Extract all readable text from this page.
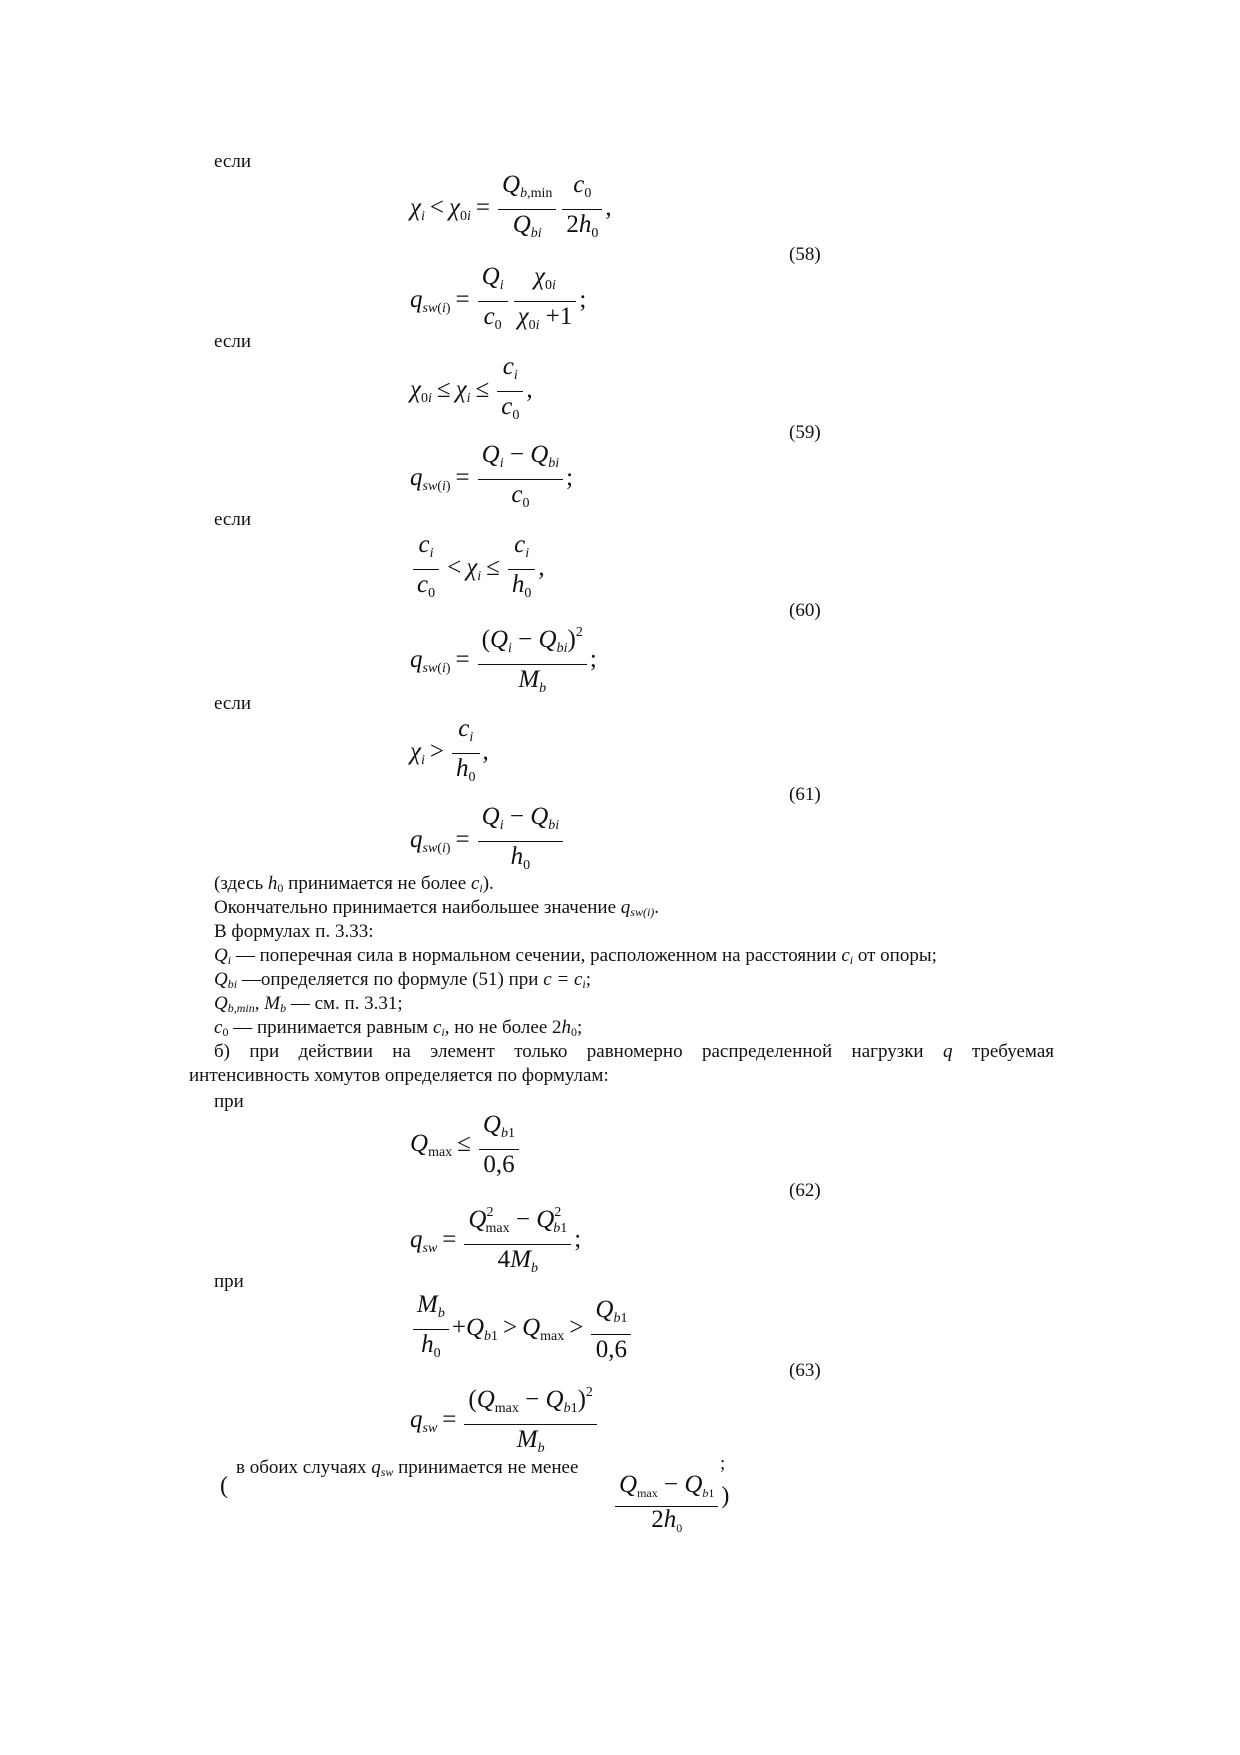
если
$\chi_i < \chi_{0i} = \frac{Q_{b,min}}{Q_{bi}} \frac{c_0}{2h_0}$ ,
(58)
$q_{sw(i)} = \frac{Q_i}{c_0} \frac{\chi_{0i}}{\chi_{0i} +1}$ ;
если
$\chi_{0i} \le \chi_i \le \frac{c_i}{c_0}$ ,
(59)
$q_{sw(i)} = \frac{Q_i - Q_{bi}}{c_0}$ ;
если
$\frac{c_i}{c_0} < \chi_i \le \frac{c_i}{h_0}$ ,
(60)
$q_{sw(i)} = \frac{(Q_i - Q_{bi})^2}{M_b}$ ;
если
$\chi_i > \frac{c_i}{h_0}$ ,
(61)
$q_{sw(i)} = \frac{Q_i - Q_{bi}}{h_0}$
(здесь h0 принимается не более ci).
Окончательно принимается наибольшее значение qsw(i).
В формулах п. 3.33:
Qi — поперечная сила в нормальном сечении, расположенном на расстоянии ci от опоры;
Qbi —определяется по формуле (51) при c = ci;
Qb,min, Mb — см. п. 3.31;
c0 — принимается равным ci, но не более 2h0;
б) при действии на элемент только равномерно распределенной нагрузки q требуемая
интенсивность хомутов определяется по формулам:
при
$Q_{max} \le \frac{Q_{b1}}{0,6}$
(62)
$q_{sw} = \frac{Q^2_{max} - Q^2_{b1}}{4M_b}$ ;
при
$\frac{M_b}{h_0} +Q_{b1} > Q_{max} > \frac{Q_{b1}}{0,6}$
(63)
$q_{sw} = \frac{(Q_{max} - Q_{b1})^2}{M_b}$
(
в обоих случаях qsw принимается не менее	;
$\frac{Q_{max} - Q_{b1}}{2h_0}$ )
